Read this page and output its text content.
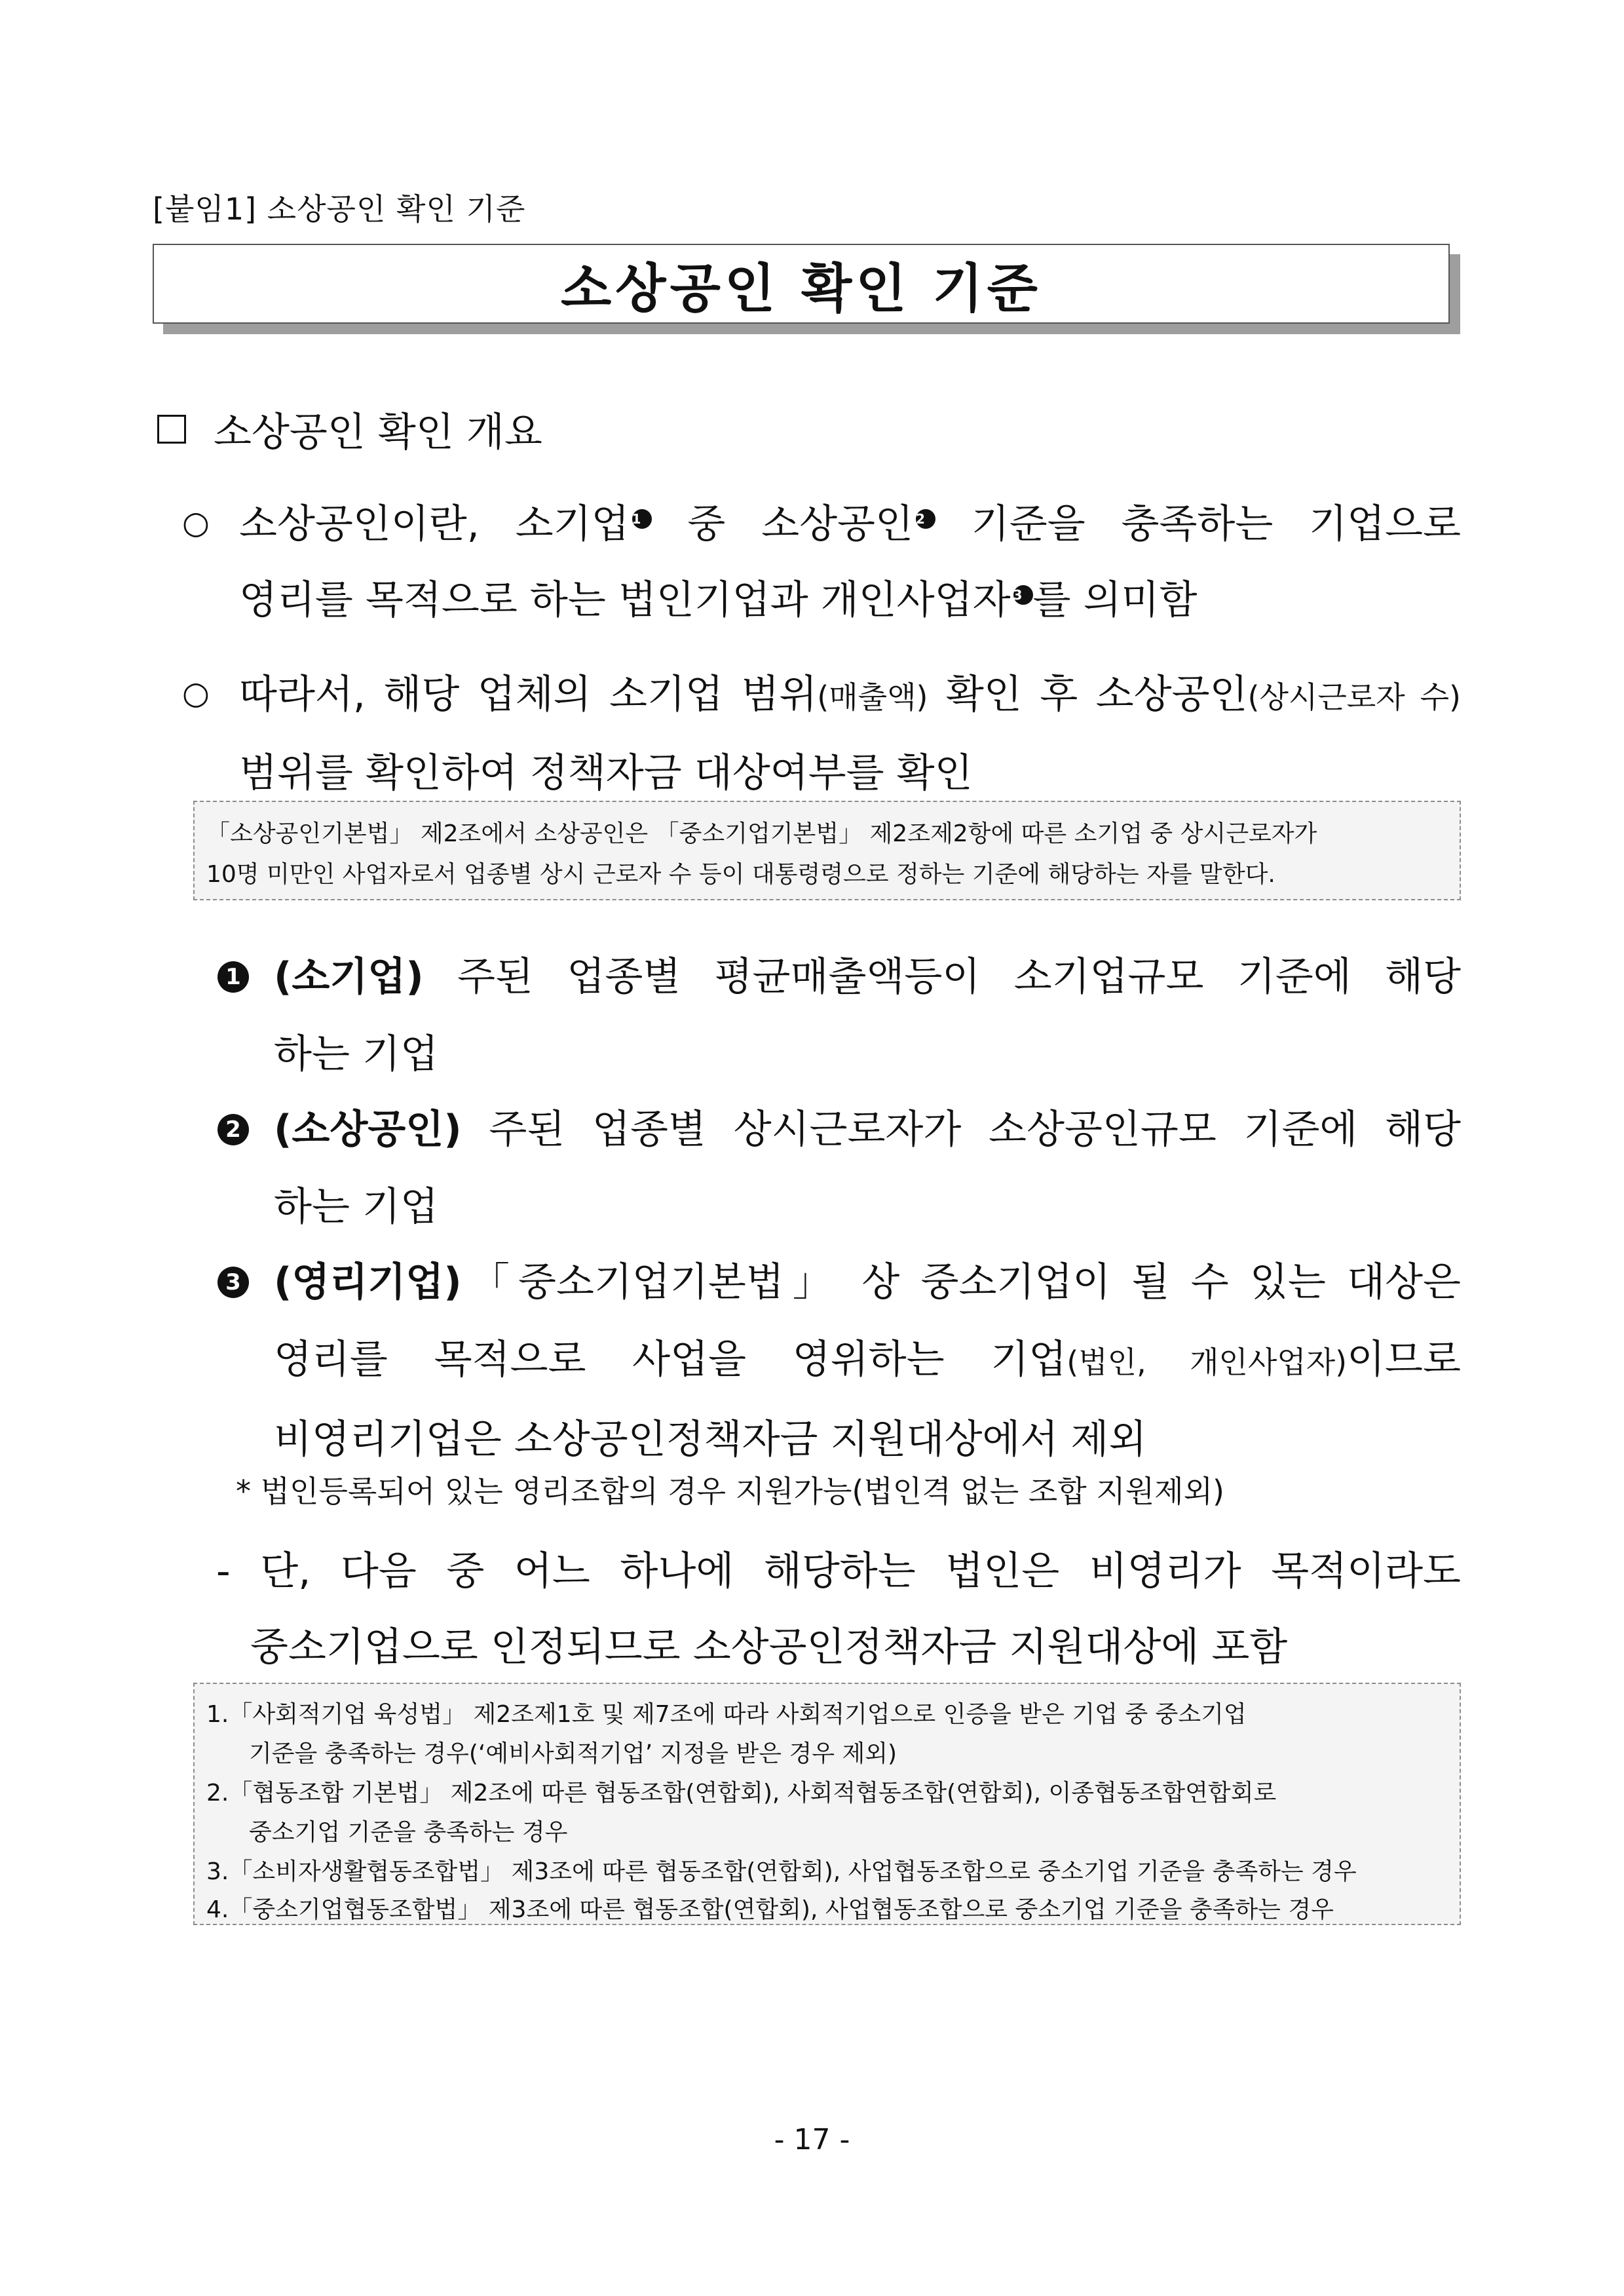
[붙임1] 소상공인 확인 기준
소상공인 확인 기준
소상공인 확인 개요
○ 소상공인이란, 소기업 $^1$ 중 소상공인 $^2$ 기준을 충족하는 기업으로
영리를 목적으로 하는 법인기업과 개인사업자 $^3$ 를 의미함
○ 따라서, 해당 업체의 소기업 범위(매출액) 확인 후 소상공인(상시근로자 수)
범위를 확인하여 정책자금 대상여부를 확인
「소상공인기본법」 제2조에서 소상공인은 「중소기업기본법」 제2조제2항에 따른 소기업 중 상시근로자가
10명 미만인 사업자로서 업종별 상시 근로자 수 등이 대통령령으로 정하는 기준에 해당하는 자를 말한다.
1 (소기업) 주된 업종별 평균매출액등이 소기업규모 기준에 해당
하는 기업
2 (소상공인) 주된 업종별 상시근로자가 소상공인규모 기준에 해당
하는 기업
3 (영리기업)「중소기업기본법」 상 중소기업이 될 수 있는 대상은
영리를 목적으로 사업을 영위하는 기업(법인, 개인사업자)이므로
비영리기업은 소상공인정책자금 지원대상에서 제외
* 법인등록되어 있는 영리조합의 경우 지원가능(법인격 없는 조합 지원제외)
- 단, 다음 중 어느 하나에 해당하는 법인은 비영리가 목적이라도
중소기업으로 인정되므로 소상공인정책자금 지원대상에 포함
1.「사회적기업 육성법」 제2조제1호 및 제7조에 따라 사회적기업으로 인증을 받은 기업 중 중소기업
기준을 충족하는 경우(‘예비사회적기업’ 지정을 받은 경우 제외)
2.「협동조합 기본법」 제2조에 따른 협동조합(연합회), 사회적협동조합(연합회), 이종협동조합연합회로
중소기업 기준을 충족하는 경우
3.「소비자생활협동조합법」 제3조에 따른 협동조합(연합회), 사업협동조합으로 중소기업 기준을 충족하는 경우
4.「중소기업협동조합법」 제3조에 따른 협동조합(연합회), 사업협동조합으로 중소기업 기준을 충족하는 경우
- 17 -
